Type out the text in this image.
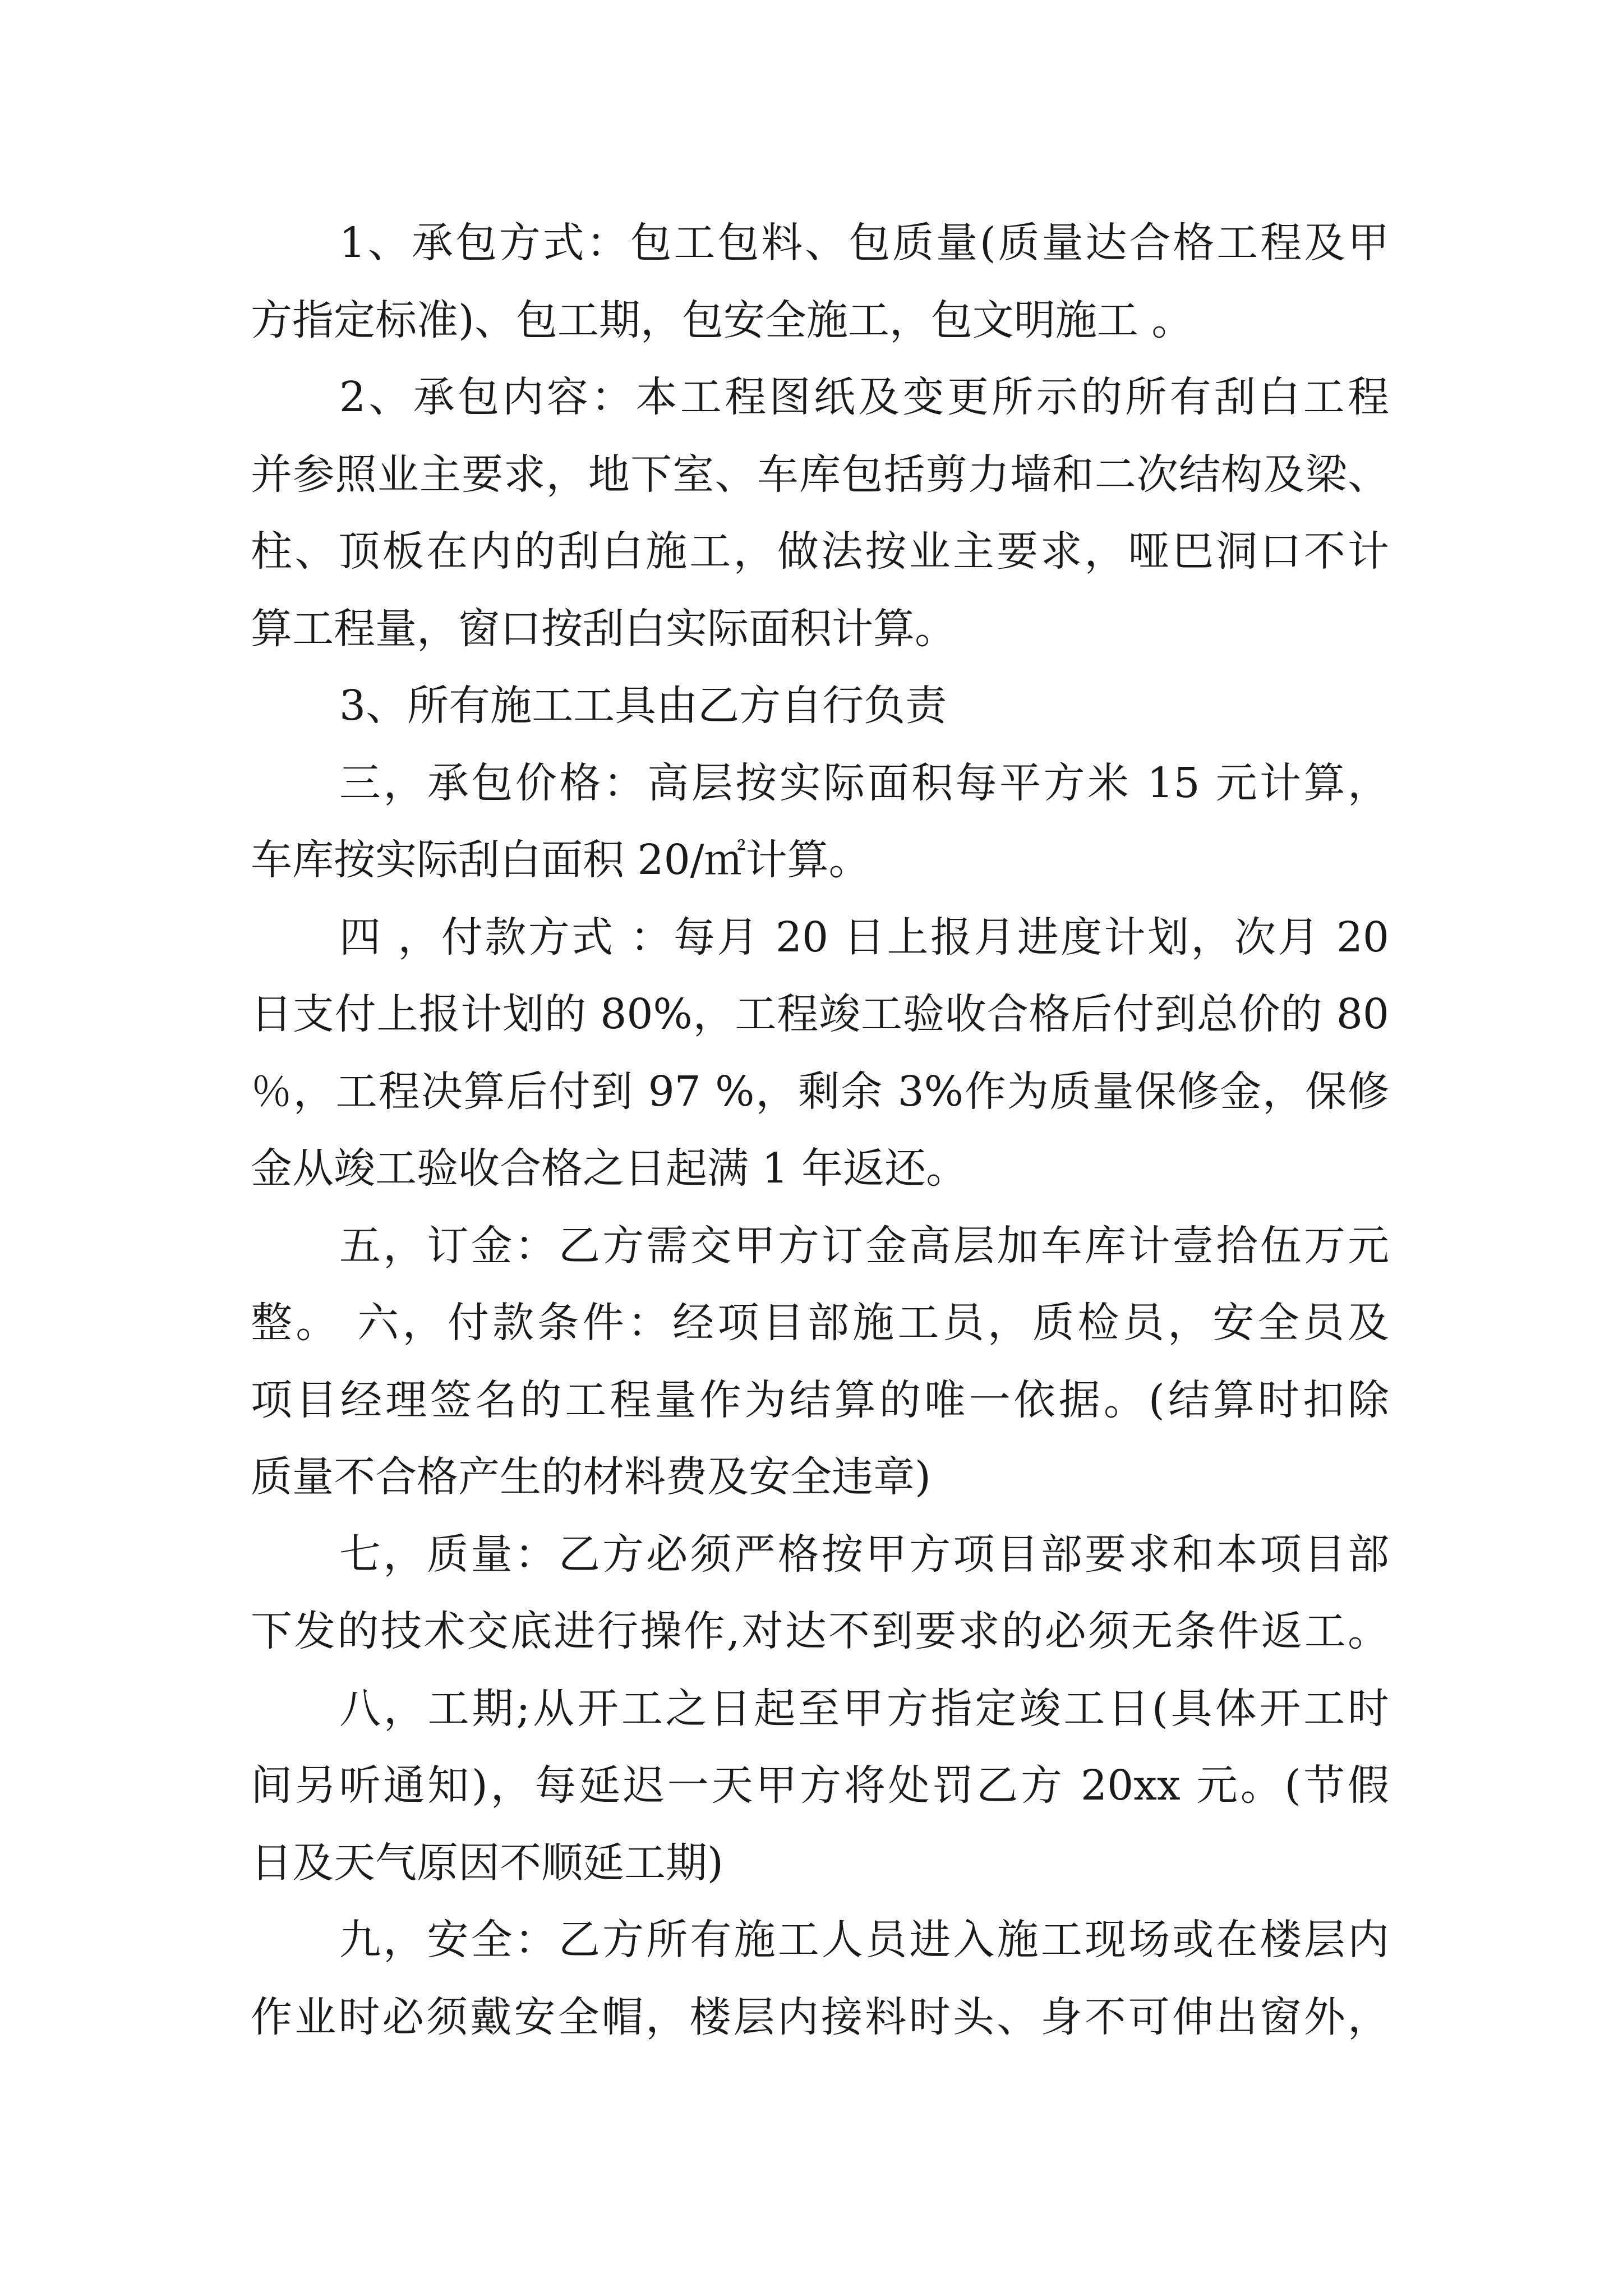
1、承包方式：包工包料、包质量(质量达合格工程及甲
方指定标准)、包工期，包安全施工，包文明施工 。
2、承包内容：本工程图纸及变更所示的所有刮白工程
并参照业主要求，地下室、车库包括剪力墙和二次结构及梁、
柱、顶板在内的刮白施工，做法按业主要求，哑巴洞口不计
算工程量，窗口按刮白实际面积计算。
3、所有施工工具由乙方自行负责
三，承包价格：高层按实际面积每平方米 15 元计算，
车库按实际刮白面积 20/㎡计算。
四 ，付款方式 ：每月 20 日上报月进度计划，次月 20
日支付上报计划的 80%，工程竣工验收合格后付到总价的 80
％，工程决算后付到 97 %，剩余 3%作为质量保修金，保修
金从竣工验收合格之日起满 1 年返还。
五，订金：乙方需交甲方订金高层加车库计壹拾伍万元
整。 六，付款条件：经项目部施工员，质检员，安全员及
项目经理签名的工程量作为结算的唯一依据。(结算时扣除
质量不合格产生的材料费及安全违章)
七，质量：乙方必须严格按甲方项目部要求和本项目部
下发的技术交底进行操作,对达不到要求的必须无条件返工。
八，工期;从开工之日起至甲方指定竣工日(具体开工时
间另听通知)，每延迟一天甲方将处罚乙方 20xx 元。(节假
日及天气原因不顺延工期)
九，安全：乙方所有施工人员进入施工现场或在楼层内
作业时必须戴安全帽，楼层内接料时头、身不可伸出窗外，
